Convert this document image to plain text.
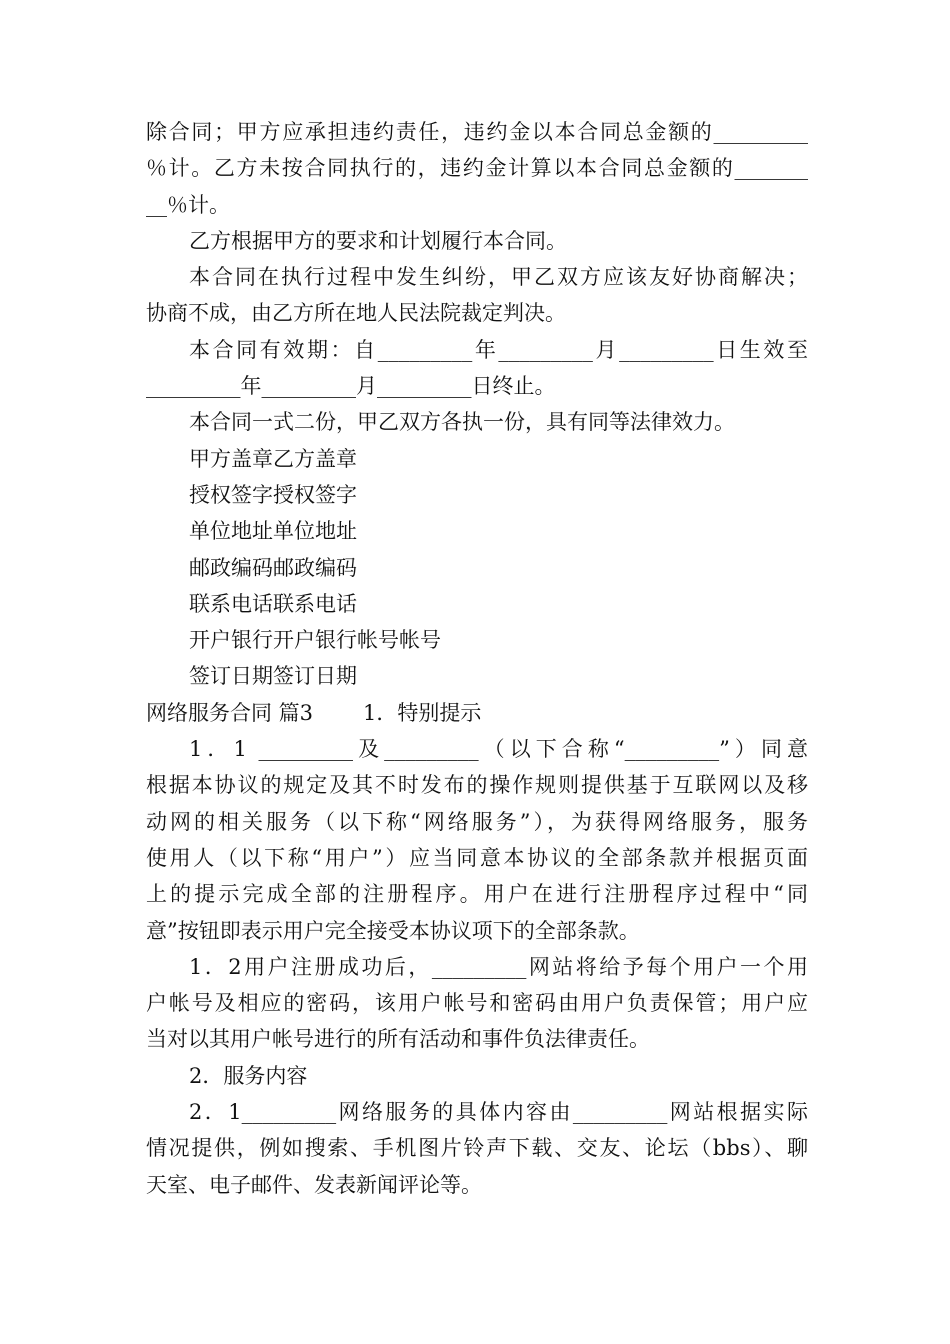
除合同；甲方应承担违约责任，违约金以本合同总金额的_________
％计。乙方未按合同执行的，违约金计算以本合同总金额的_______
__％计。
乙方根据甲方的要求和计划履行本合同。
本合同在执行过程中发生纠纷，甲乙双方应该友好协商解决；
协商不成，由乙方所在地人民法院裁定判决。
本合同有效期：自_________年_________月_________日生效至
_________年_________月_________日终止。
本合同一式二份，甲乙双方各执一份，具有同等法律效力。
甲方盖章乙方盖章
授权签字授权签字
单位地址单位地址
邮政编码邮政编码
联系电话联系电话
开户银行开户银行帐号帐号
签订日期签订日期
网络服务合同 篇3 1．特别提示
1．1 _________及_________（以下合称“_________”）同意
根据本协议的规定及其不时发布的操作规则提供基于互联网以及移
动网的相关服务（以下称“网络服务”），为获得网络服务，服务
使用人（以下称“用户”）应当同意本协议的全部条款并根据页面
上的提示完成全部的注册程序。用户在进行注册程序过程中“同
意”按钮即表示用户完全接受本协议项下的全部条款。
1．2用户注册成功后，_________网站将给予每个用户一个用
户帐号及相应的密码，该用户帐号和密码由用户负责保管；用户应
当对以其用户帐号进行的所有活动和事件负法律责任。
2．服务内容
2．1_________网络服务的具体内容由_________网站根据实际
情况提供，例如搜索、手机图片铃声下载、交友、论坛（bbs）、聊
天室、电子邮件、发表新闻评论等。
